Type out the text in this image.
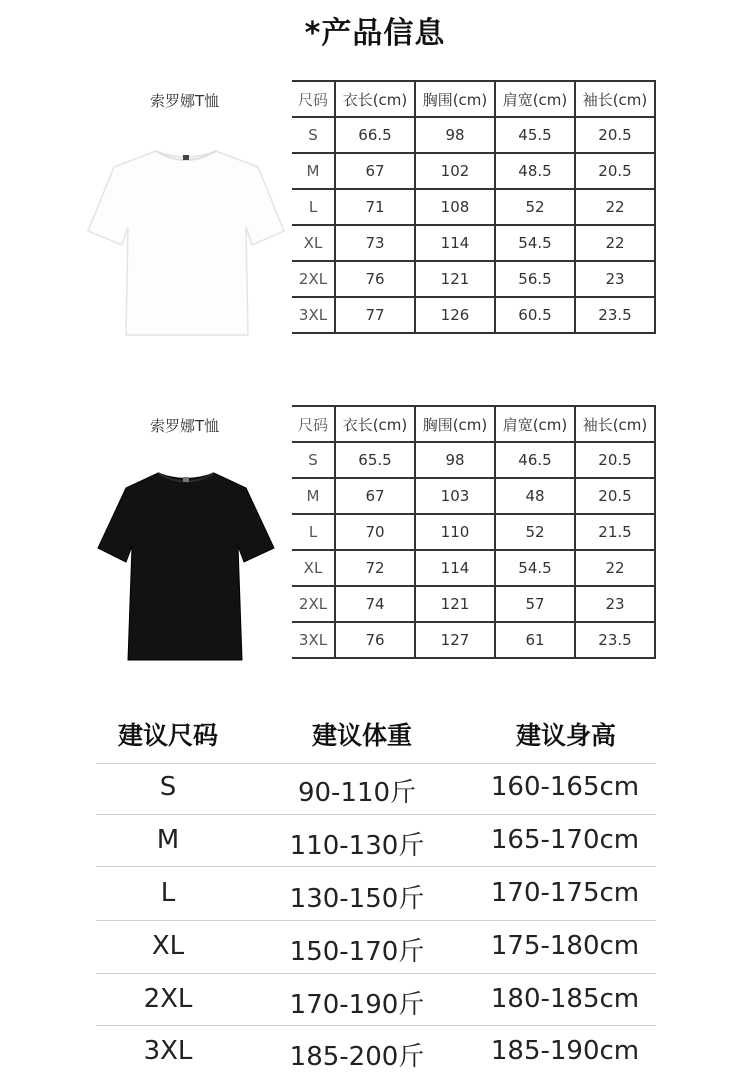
*产品信息
索罗娜T恤	尺码	衣长(cm)	胸围(cm)	肩宽(cm)	袖长(cm)
S	66.5	98	45.5	20.5
M	67	102	48.5	20.5
L	71	108	52	22
XL	73	114	54.5	22
2XL	76	121	56.5	23
3XL	77	126	60.5	23.5
索罗娜T恤	尺码	衣长(cm)	胸围(cm)	肩宽(cm)	袖长(cm)
S	65.5	98	46.5	20.5
M	67	103	48	20.5
L	70	110	52	21.5
XL	72	114	54.5	22
2XL	74	121	57	23
3XL	76	127	61	23.5
建议尺码	建议体重	建议身高
S	90-110斤	160-165cm
M	110-130斤	165-170cm
L	130-150斤	170-175cm
XL	150-170斤	175-180cm
2XL	170-190斤	180-185cm
3XL	185-200斤	185-190cm
